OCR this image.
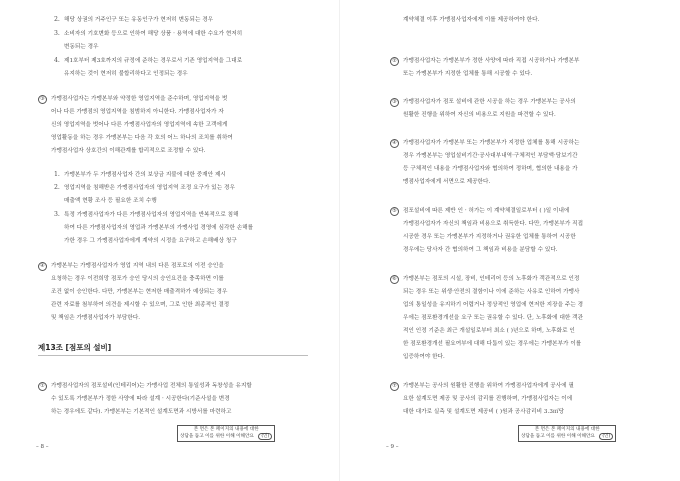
2. 해당 상권의 거주인구 또는 유동인구가 현저히 변동되는 경우
3. 소비자의 기호변화 등으로 인하여 해당 상품 · 용역에 대한 수요가 현저히
변동되는 경우
4. 제1호부터 제3호까지의 규정에 준하는 경우로서 기존 영업지역을 그대로
유지하는 것이 현저히 불합리하다고 인정되는 경우
③	가맹점사업자는 가맹본부와 약정한 영업지역을 준수하며, 영업지역을 벗
어나 다른 가맹점의 영업지역을 침범하지 아니한다. 가맹점사업자가 자
신의 영업지역을 벗어나 다른 가맹점사업자의 영업지역에 속한 고객에게
영업활동을 하는 경우 가맹본부는 다음 각 호의 어느 하나의 조치를 취하여
가맹점사업자 상호간의 이해관계를 합리적으로 조정할 수 있다.
1. 가맹본부가 두 가맹점사업자 간의 보상금 지불에 대한 중재안 제시
2. 영업지역을 침해받은 가맹점사업자의 영업지역 조정 요구가 있는 경우
매출액 현황 조사 등 필요한 조치 수행
3. 특정 가맹점사업자가 다른 가맹점사업자의 영업지역을 반복적으로 침해
하여 다른 가맹점사업자의 영업과 가맹본부의 가맹사업 경영에 심각한 손해를
가한 경우 그 가맹점사업자에게 계약의 시정을 요구하고 손해배상 청구
④	가맹본부는 가맹점사업자가 영업 지역 내의 다른 점포로의 이전 승인을
요청하는 경우 이전희망 점포가 승인 당시의 승인요건을 충족하면 이를
조건 없이 승인한다. 다만, 가맹본부는 현저한 매출격하가 예상되는 경우
관련 자료를 첨부하여 의견을 제시할 수 있으며, 그로 인한 최종적인 결정
및 책임은 가맹점사업자가 부담한다.
제13조 [점포의 설비]
①	가맹점사업자의 점포설비(인테리어)는 가맹사업 전체의 통일성과 독창성을 유지할
수 있도록 가맹본부가 정한 사양에 따라 설계 · 시공한다(기준사설을 변경
하는 경우에도 같다). 가맹본부는 기본적인 설계도면과 시방서를 마련하고
– 8 –
본 면은 본 페이지의 내용에 대한
상담을 돕고 이를 위한 이해 이해안요 (인)
계약체결 이후 가맹점사업자에게 이를 제공하여야 한다.
②	가맹점사업자는 가맹본부가 정한 사양에 따라 직접 시공하거나 가맹본부
또는 가맹본부가 지정한 업체를 통해 시공할 수 있다.
③	가맹점사업자가 점포 설비에 관한 시공을 하는 경우 가맹본부는 공사의
원활한 진행을 위하여 자신의 비용으로 지원을 파견할 수 있다.
④	가맹점사업자가 가맹본부 또는 가맹본부가 지정한 업체를 통해 시공하는
경우 가맹본부는 영업설비기간·공사대부내역·구체적인 부담액·담보기간
등 구체적인 내용을 가맹점사업자와 협의하여 정하며, 협의한 내용을 가
맹점사업자에게 서면으로 제공한다.
⑤	점포설비에 따른 제반 인 · 허가는 이 계약체결일로부터 ( )일 이내에
가맹점사업자가 자신의 책임과 비용으로 취득한다. 다만, 가맹본부가 직접
시공한 경우 또는 가맹본부가 지정하거나 권유한 업체를 통하여 시공한
경우에는 당사자 간 협의하여 그 책임과 비용을 분담할 수 있다.
⑥	가맹본부는 점포의 시설, 장비, 인테리어 등의 노후화가 객관적으로 인정
되는 경우 또는 위생·안전의 결함이나 이에 준하는 사유로 인하여 가맹사
업의 통일성을 유지하기 어렵거나 정상적인 영업에 현저한 지장을 주는 경
우에는 점포환경개선을 요구 또는 권유할 수 있다. 단, 노후화에 대한 객관
적인 인정 기준은 최근 개설일로부터 최소 ( )년으로 하며, 노후화로 인
한 점포환경개선 필요여부에 대해 다툼이 있는 경우에는 가맹본부가 이를
입증하여야 한다.
⑦	가맹본부는 공사의 원활한 진행을 위하여 가맹점사업자에게 공사에 필
요한 설계도면 제공 및 공사의 감리를 진행하며, 가맹점사업자는 이에
대한 대가로 실측 및 설계도면 제공비 ( )원과 공사감리비 3.3㎡당
– 9 –
본 면은 본 페이지의 내용에 대한
상담을 돕고 이를 위한 이해 이해안요 (인)
